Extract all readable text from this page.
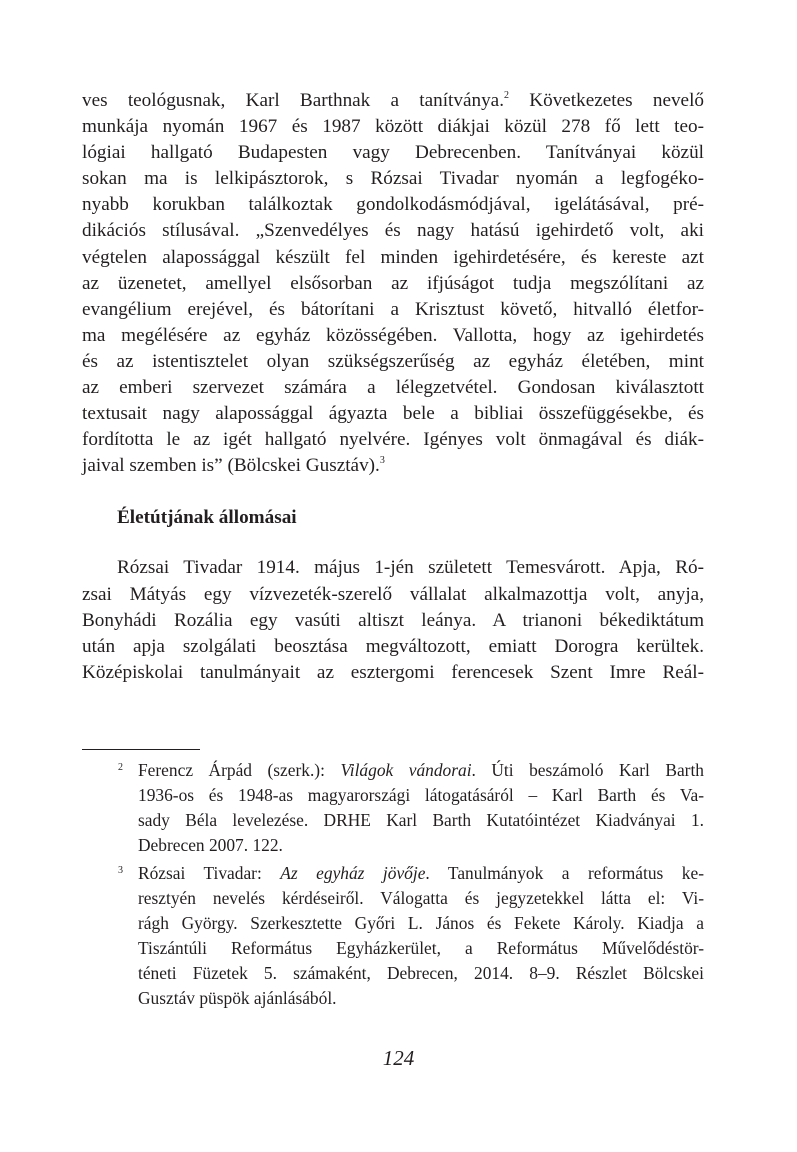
ves teológusnak, Karl Barthnak a tanítványa.$^2$ Következetes nevelő
munkája nyomán 1967 és 1987 között diákjai közül 278 fő lett teo-
lógiai hallgató Budapesten vagy Debrecenben. Tanítványai közül
sokan ma is lelkipásztorok, s Rózsai Tivadar nyomán a legfogéko-
nyabb korukban találkoztak gondolkodásmódjával, igelátásával, pré-
dikációs stílusával. „Szenvedélyes és nagy hatású igehirdető volt, aki
végtelen alapossággal készült fel minden igehirdetésére, és kereste azt
az üzenetet, amellyel elsősorban az ifjúságot tudja megszólítani az
evangélium erejével, és bátorítani a Krisztust követő, hitvalló életfor-
ma megélésére az egyház közösségében. Vallotta, hogy az igehirdetés
és az istentisztelet olyan szükségszerűség az egyház életében, mint
az emberi szervezet számára a lélegzetvétel. Gondosan kiválasztott
textusait nagy alapossággal ágyazta bele a bibliai összefüggésekbe, és
fordította le az igét hallgató nyelvére. Igényes volt önmagával és diák-
jaival szemben is” (Bölcskei Gusztáv).$^3$
Életútjának állomásai
Rózsai Tivadar 1914. május 1-jén született Temesvárott. Apja, Ró-
zsai Mátyás egy vízvezeték-szerelő vállalat alkalmazottja volt, anyja,
Bonyhádi Rozália egy vasúti altiszt leánya. A trianoni békediktátum
után apja szolgálati beosztása megváltozott, emiatt Dorogra kerültek.
Középiskolai tanulmányait az esztergomi ferencesek Szent Imre Reál-
2 Ferencz Árpád (szerk.): Világok vándorai. Úti beszámoló Karl Barth
1936-os és 1948-as magyarországi látogatásáról – Karl Barth és Va-
sady Béla levelezése. DRHE Karl Barth Kutatóintézet Kiadványai 1.
Debrecen 2007. 122.
3 Rózsai Tivadar: Az egyház jövője. Tanulmányok a református ke-
resztyén nevelés kérdéseiről. Válogatta és jegyzetekkel látta el: Vi-
rágh György. Szerkesztette Győri L. János és Fekete Károly. Kiadja a
Tiszántúli Református Egyházkerület, a Református Művelődéstör-
téneti Füzetek 5. számaként, Debrecen, 2014. 8–9. Részlet Bölcskei
Gusztáv püspök ajánlásából.
124
